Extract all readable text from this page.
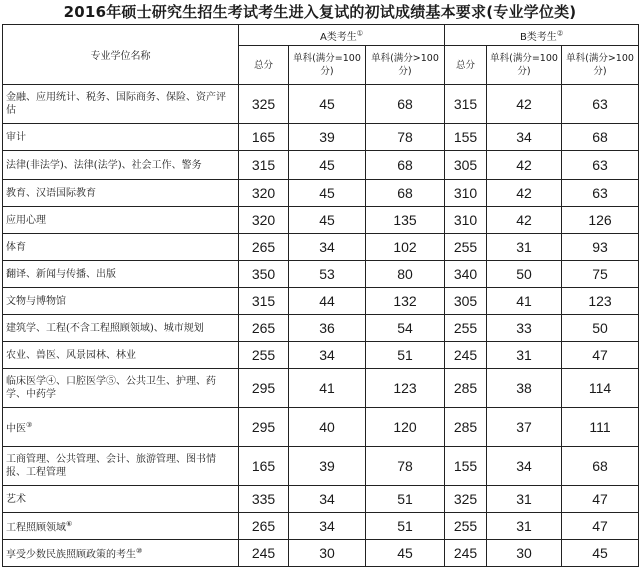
2016年硕士研究生招生考试考生进入复试的初试成绩基本要求(专业学位类)
专业学位名称	A类考生①			B类考生②
	总分	单科(满分=100分)	单科(满分>100分)	总分	单科(满分=100分)	单科(满分>100分)
金融、应用统计、税务、国际商务、保险、资产评估	325	45	68	315	42	63
审计	165	39	78	155	34	68
法律(非法学)、法律(法学)、社会工作、警务	315	45	68	305	42	63
教育、汉语国际教育	320	45	68	310	42	63
应用心理	320	45	135	310	42	126
体育	265	34	102	255	31	93
翻译、新闻与传播、出版	350	53	80	340	50	75
文物与博物馆	315	44	132	305	41	123
建筑学、工程(不含工程照顾领域)、城市规划	265	36	54	255	33	50
农业、兽医、风景园林、林业	255	34	51	245	31	47
临床医学④、口腔医学⑤、公共卫生、护理、药学、中药学	295	41	123	285	38	114
中医③	295	40	120	285	37	111
工商管理、公共管理、会计、旅游管理、图书情报、工程管理	165	39	78	155	34	68
艺术	335	34	51	325	31	47
工程照顾领域⑥	265	34	51	255	31	47
享受少数民族照顾政策的考生⑩	245	30	45	245	30	45
